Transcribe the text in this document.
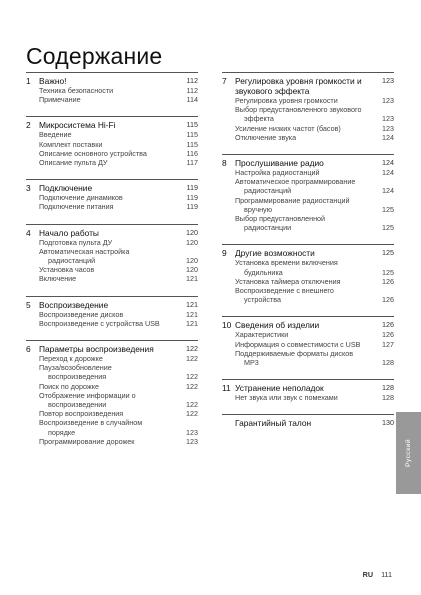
Содержание
1 Важно!	112
Техника безопасности	112
Примечание	114
2 Микросистема Hi-Fi	115
Введение	115
Комплект поставки	115
Описание основного устройства	116
Описание пульта ДУ	117
3 Подключение	119
Подключение динамиков	119
Подключение питания	119
4 Начало работы	120
Подготовка пульта ДУ	120
Автоматическая настройка
радиостанций	120
Установка часов	120
Включение	121
5 Воспроизведение	121
Воспроизведение дисков	121
Воспроизведение с устройства USB	121
6 Параметры воспроизведения	122
Переход к дорожке	122
Пауза/возобновление
воспроизведения	122
Поиск по дорожке	122
Отображение информации о
воспроизведении	122
Повтор воспроизведения	122
Воспроизведение в случайном
порядке	123
Программирование дорожек	123
7 Регулировка уровня громкости и звукового эффекта
123
Регулировка уровня громкости	123
Выбор предустановленного звукового
эффекта	123
Усиление низких частот (басов)	123
Отключение звука	124
8 Прослушивание радио	124
Настройка радиостанций	124
Автоматическое программирование
радиостанций	124
Программирование радиостанций
вручную	125
Выбор предустановленной
радиостанции	125
9 Другие возможности	125
Установка времени включения
будильника	125
Установка таймера отключения	126
Воспроизведение с внешнего
устройства	126
10 Сведения об изделии	126
Характеристики	126
Информация о совместимости с USB	127
Поддерживаемые форматы дисков
MP3	128
11 Устранение неполадок	128
Нет звука или звук с помехами	128
Гарантийный талон	130
Русский
RU 111
